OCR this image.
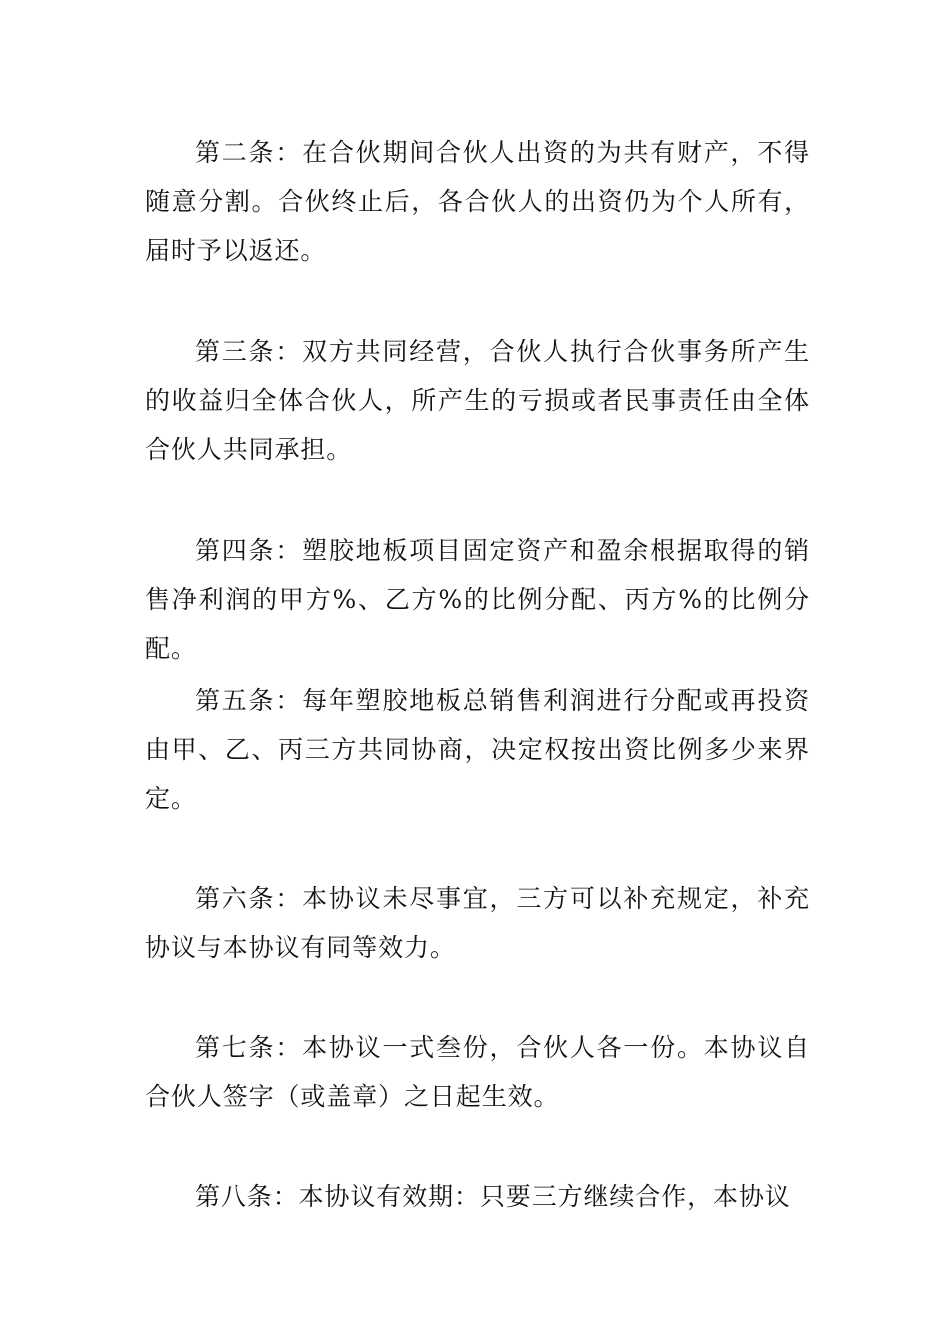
第二条：在合伙期间合伙人出资的为共有财产，不得随意分割。合伙终止后，各合伙人的出资仍为个人所有，届时予以返还。

第三条：双方共同经营，合伙人执行合伙事务所产生的收益归全体合伙人，所产生的亏损或者民事责任由全体合伙人共同承担。

第四条：塑胶地板项目固定资产和盈余根据取得的销售净利润的甲方%、乙方%的比例分配、丙方%的比例分配。

第五条：每年塑胶地板总销售利润进行分配或再投资由甲、乙、丙三方共同协商，决定权按出资比例多少来界定。

第六条：本协议未尽事宜，三方可以补充规定，补充协议与本协议有同等效力。

第七条：本协议一式叁份，合伙人各一份。本协议自合伙人签字（或盖章）之日起生效。

第八条：本协议有效期：只要三方继续合作，本协议
